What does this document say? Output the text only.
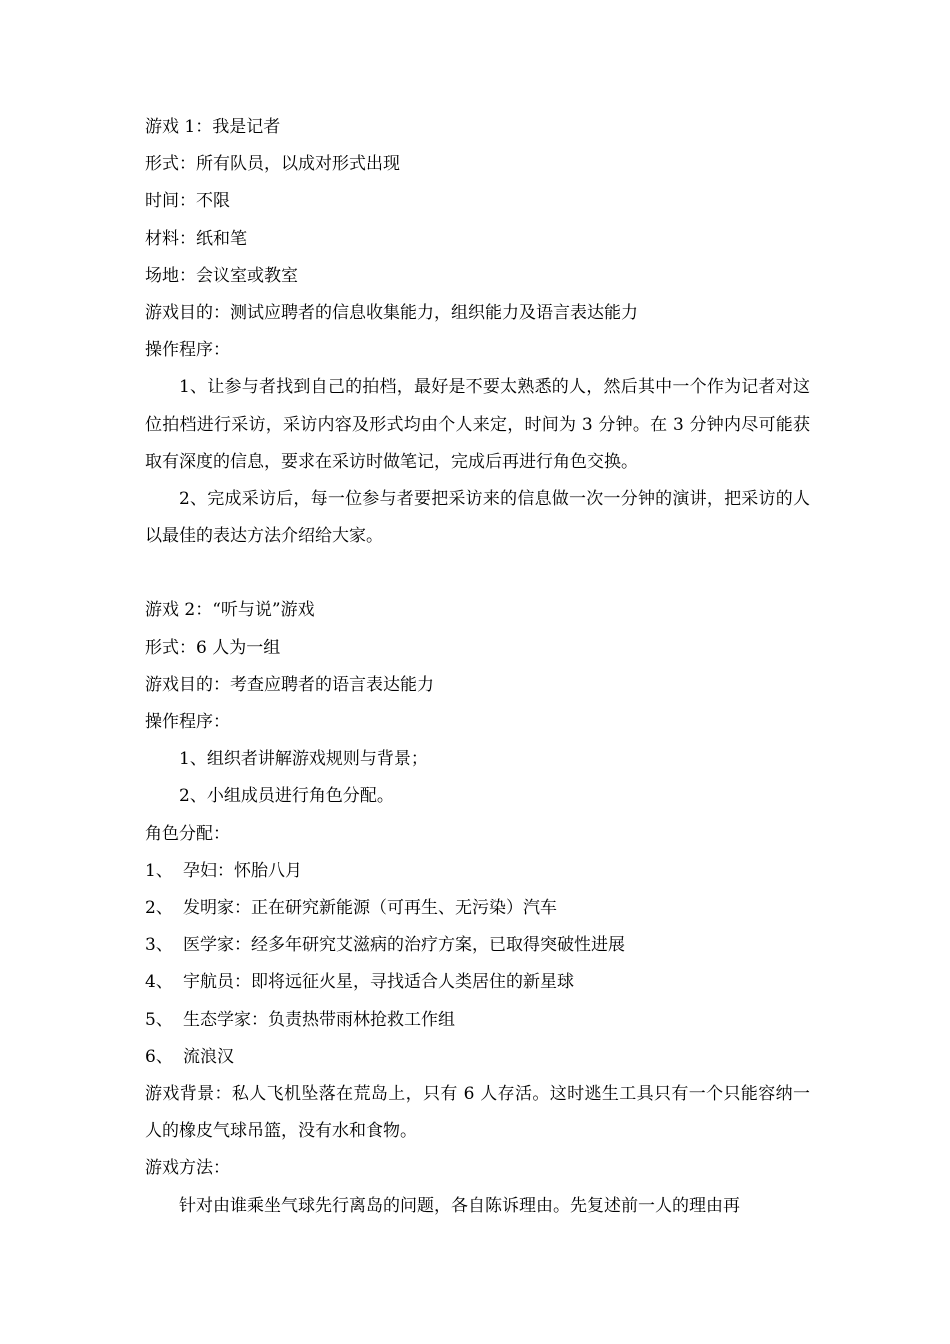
游戏 1：我是记者

形式：所有队员，以成对形式出现

时间：不限

材料：纸和笔

场地：会议室或教室

游戏目的：测试应聘者的信息收集能力，组织能力及语言表达能力

操作程序：

1、让参与者找到自己的拍档，最好是不要太熟悉的人，然后其中一个作为记者对这位拍档进行采访，采访内容及形式均由个人来定，时间为 3 分钟。在 3 分钟内尽可能获取有深度的信息，要求在采访时做笔记，完成后再进行角色交换。

2、完成采访后，每一位参与者要把采访来的信息做一次一分钟的演讲，把采访的人以最佳的表达方法介绍给大家。

游戏 2：“听与说”游戏

形式：6 人为一组

游戏目的：考查应聘者的语言表达能力

操作程序：

1、组织者讲解游戏规则与背景；

2、小组成员进行角色分配。

角色分配：

1、 孕妇：怀胎八月

2、 发明家：正在研究新能源（可再生、无污染）汽车

3、 医学家：经多年研究艾滋病的治疗方案，已取得突破性进展

4、 宇航员：即将远征火星，寻找适合人类居住的新星球

5、 生态学家：负责热带雨林抢救工作组

6、 流浪汉

游戏背景：私人飞机坠落在荒岛上，只有 6 人存活。这时逃生工具只有一个只能容纳一人的橡皮气球吊篮，没有水和食物。

游戏方法：

针对由谁乘坐气球先行离岛的问题，各自陈诉理由。先复述前一人的理由再
